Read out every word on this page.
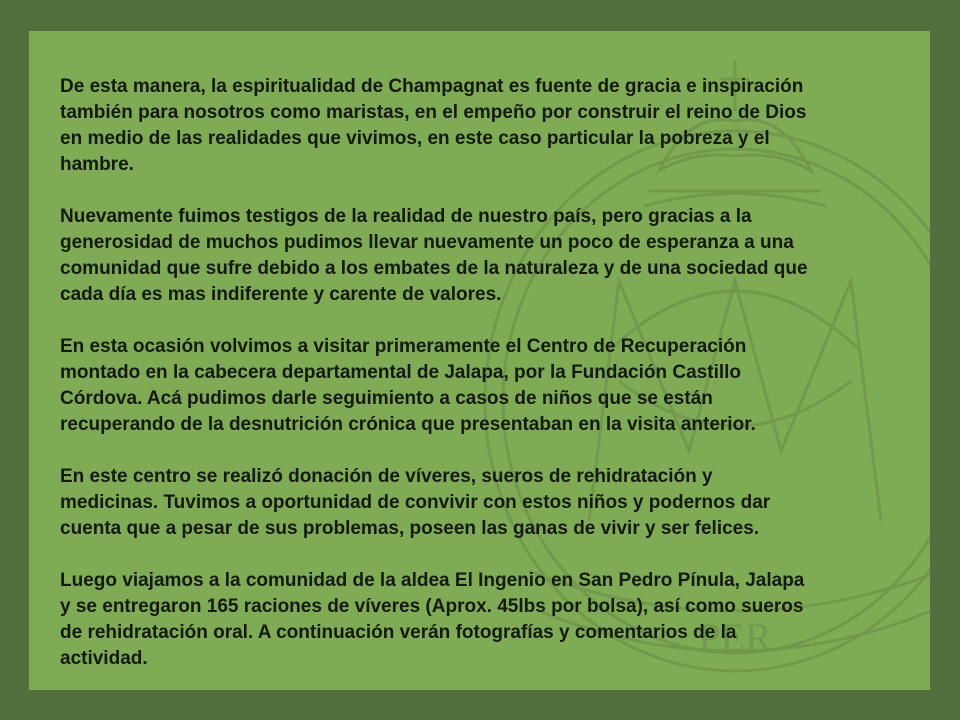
PER

De esta manera, la espiritualidad de Champagnat es fuente de gracia e inspiración
también para nosotros como maristas, en el empeño por construir el reino de Dios
en medio de las realidades que vivimos, en este caso particular la pobreza y el
hambre.

Nuevamente fuimos testigos de la realidad de nuestro país, pero gracias a la
generosidad de muchos pudimos llevar nuevamente un poco de esperanza a una
comunidad que sufre debido a los embates de la naturaleza y de una sociedad que
cada día es mas indiferente y carente de valores.

En esta ocasión volvimos a visitar primeramente el Centro de Recuperación
montado en la cabecera departamental de Jalapa, por la Fundación Castillo
Córdova. Acá pudimos darle seguimiento a casos de niños que se están
recuperando de la desnutrición crónica que presentaban en la visita anterior.

En este centro se realizó donación de víveres, sueros de rehidratación y
medicinas. Tuvimos a oportunidad de convivir con estos niños y podernos dar
cuenta que a pesar de sus problemas, poseen las ganas de vivir y ser felices.

Luego viajamos a la comunidad de la aldea El Ingenio en San Pedro Pínula, Jalapa
y se entregaron 165 raciones de víveres (Aprox. 45lbs por bolsa), así como sueros
de rehidratación oral. A continuación verán fotografías y comentarios de la
actividad.
